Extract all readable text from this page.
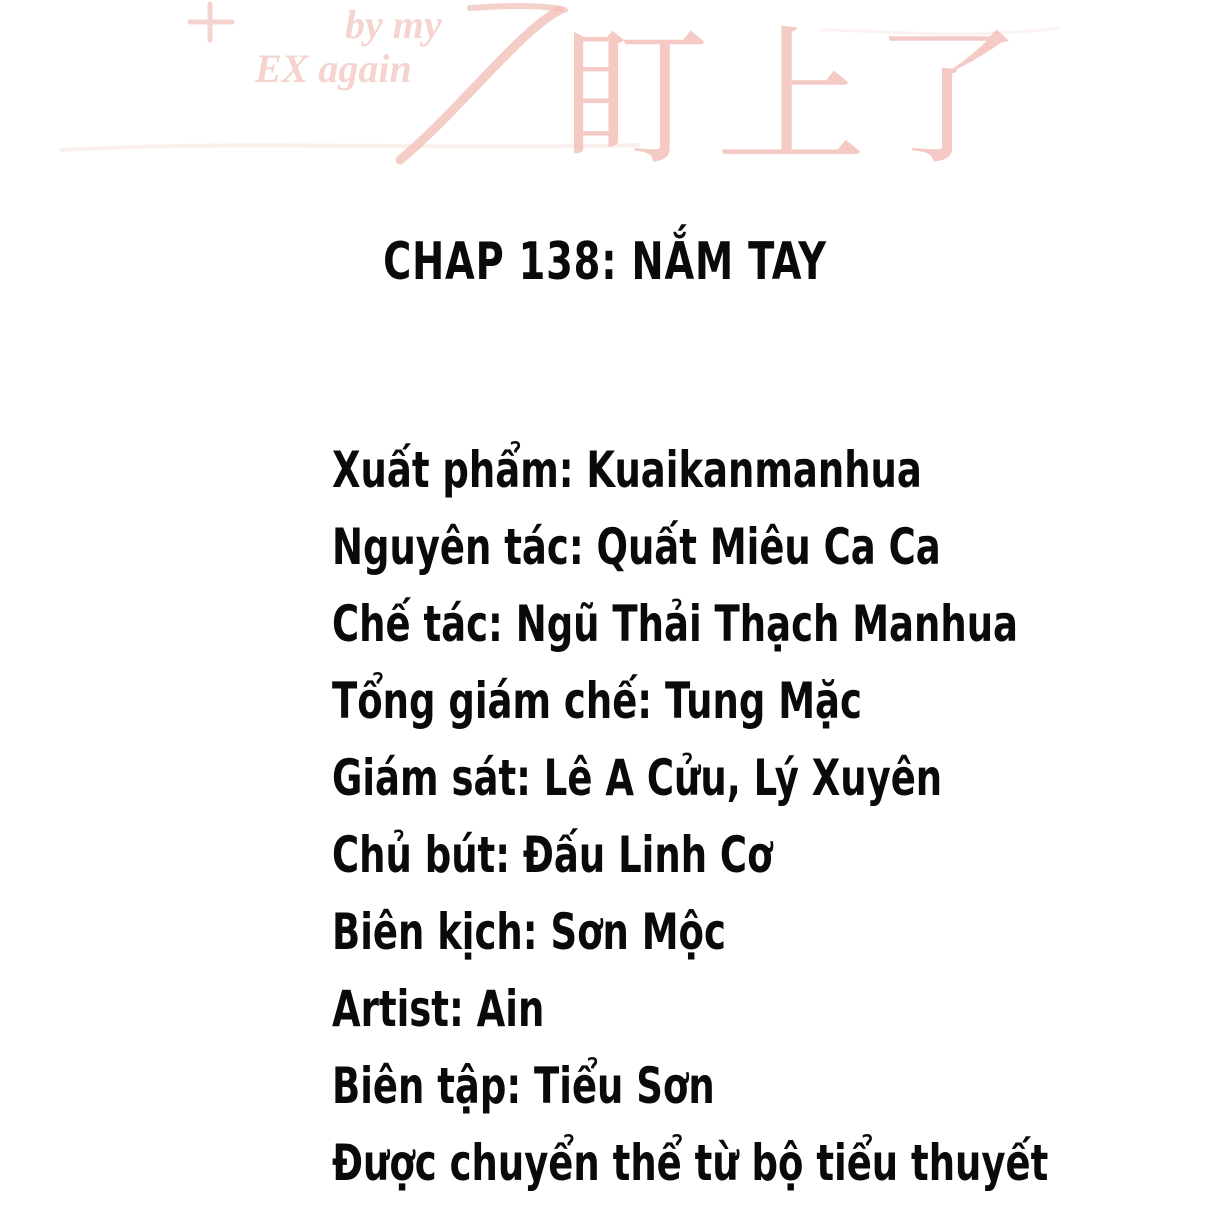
by my
EX again 盯上了
CHAP 138: NẮM TAY
Xuất phẩm: Kuaikanmanhua
Nguyên tác: Quất Miêu Ca Ca
Chế tác: Ngũ Thải Thạch Manhua
Tổng giám chế: Tung Mặc
Giám sát: Lê A Cửu, Lý Xuyên
Chủ bút: Đấu Linh Cơ
Biên kịch: Sơn Mộc
Artist: Ain
Biên tập: Tiểu Sơn
Được chuyển thể từ bộ tiểu thuyết
